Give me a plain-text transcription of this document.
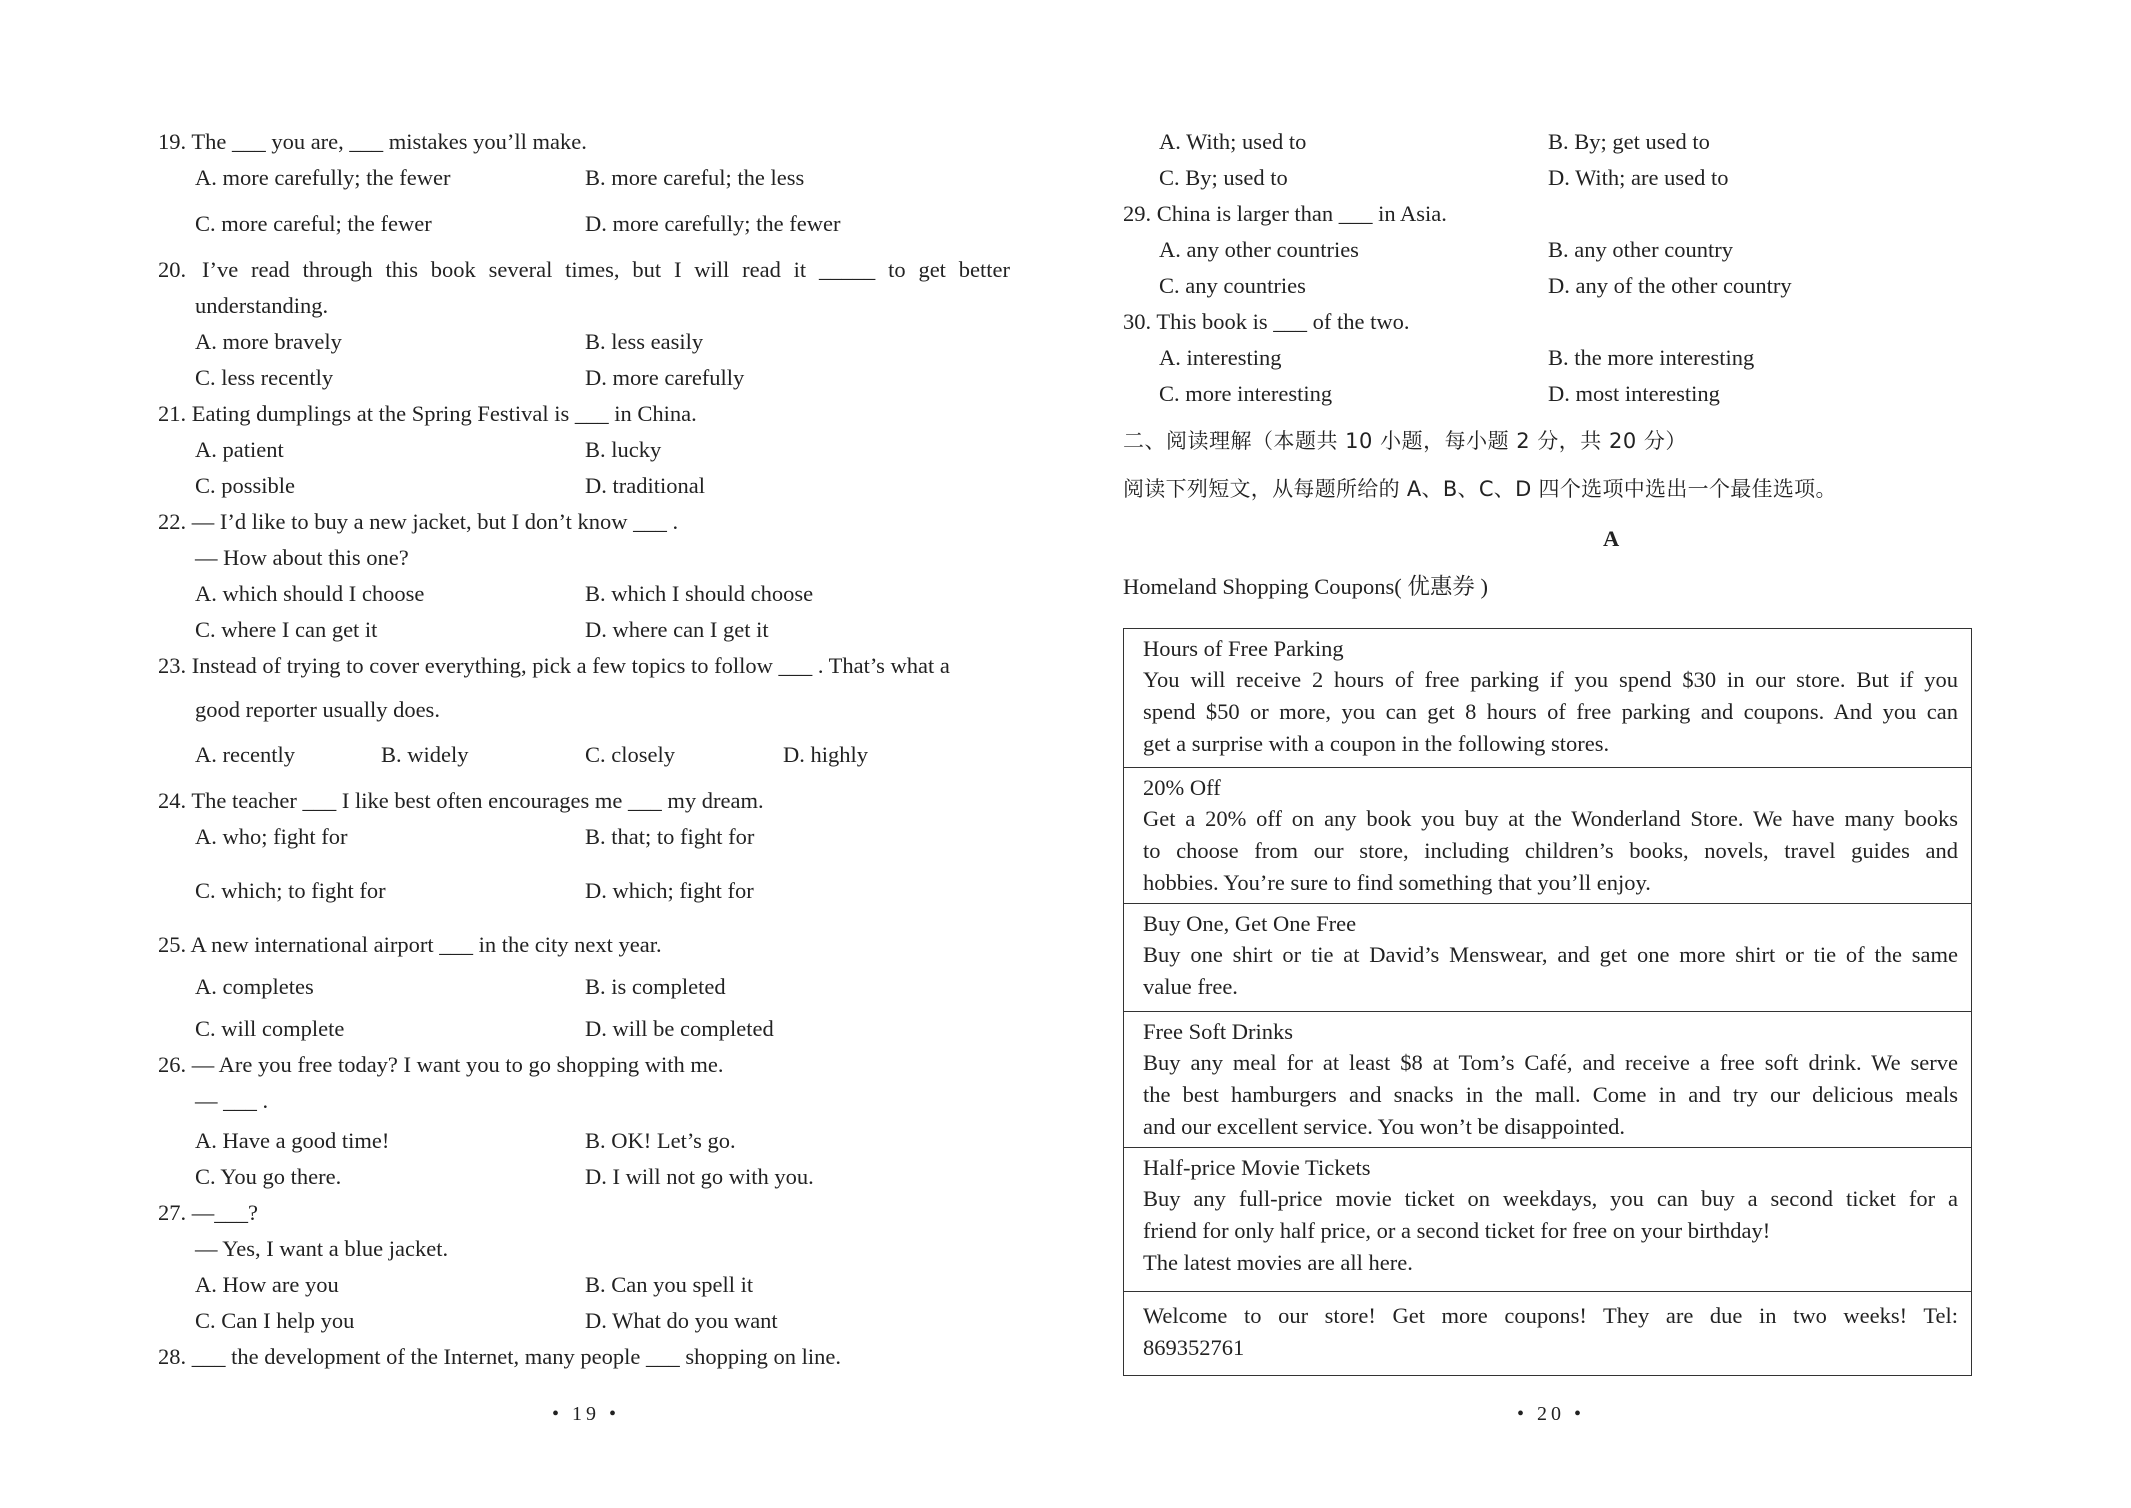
19. The ___ you are, ___ mistakes you’ll make.
A. more carefully; the fewer	B. more careful; the less
C. more careful; the fewer	D. more carefully; the fewer
20. I’ve read through this book several times, but I will read it _____ to get better
understanding.
A. more bravely	B. less easily
C. less recently	D. more carefully
21. Eating dumplings at the Spring Festival is ___ in China.
A. patient	B. lucky
C. possible	D. traditional
22. — I’d like to buy a new jacket, but I don’t know ___ .
— How about this one?
A. which should I choose	B. which I should choose
C. where I can get it	D. where can I get it
23. Instead of trying to cover everything, pick a few topics to follow ___ . That’s what a
good reporter usually does.
A. recently	B. widely	C. closely	D. highly
24. The teacher ___ I like best often encourages me ___ my dream.
A. who; fight for	B. that; to fight for
C. which; to fight for	D. which; fight for
25. A new international airport ___ in the city next year.
A. completes	B. is completed
C. will complete	D. will be completed
26. — Are you free today? I want you to go shopping with me.
— ___ .
A. Have a good time!	B. OK! Let’s go.
C. You go there.	D. I will not go with you.
27. —___?
— Yes, I want a blue jacket.
A. How are you	B. Can you spell it
C. Can I help you	D. What do you want
28. ___ the development of the Internet, many people ___ shopping on line.
• 19 •
A. With; used to	B. By; get used to
C. By; used to	D. With; are used to
29. China is larger than ___ in Asia.
A. any other countries	B. any other country
C. any countries	D. any of the other country
30. This book is ___ of the two.
A. interesting	B. the more interesting
C. more interesting	D. most interesting
二、阅读理解（本题共 10 小题，每小题 2 分，共 20 分）
阅读下列短文，从每题所给的 A、B、C、D 四个选项中选出一个最佳选项。
A
Homeland Shopping Coupons( 优惠券 )
Hours of Free Parking
You will receive 2 hours of free parking if you spend $30 in our store. But if you
spend $50 or more, you can get 8 hours of free parking and coupons. And you can
get a surprise with a coupon in the following stores.
20% Off
Get a 20% off on any book you buy at the Wonderland Store. We have many books
to choose from our store, including children’s books, novels, travel guides and
hobbies. You’re sure to find something that you’ll enjoy.
Buy One, Get One Free
Buy one shirt or tie at David’s Menswear, and get one more shirt or tie of the same
value free.
Free Soft Drinks
Buy any meal for at least $8 at Tom’s Café, and receive a free soft drink. We serve
the best hamburgers and snacks in the mall. Come in and try our delicious meals
and our excellent service. You won’t be disappointed.
Half-price Movie Tickets
Buy any full-price movie ticket on weekdays, you can buy a second ticket for a
friend for only half price, or a second ticket for free on your birthday!
The latest movies are all here.
Welcome to our store! Get more coupons! They are due in two weeks! Tel:
869352761
• 20 •
